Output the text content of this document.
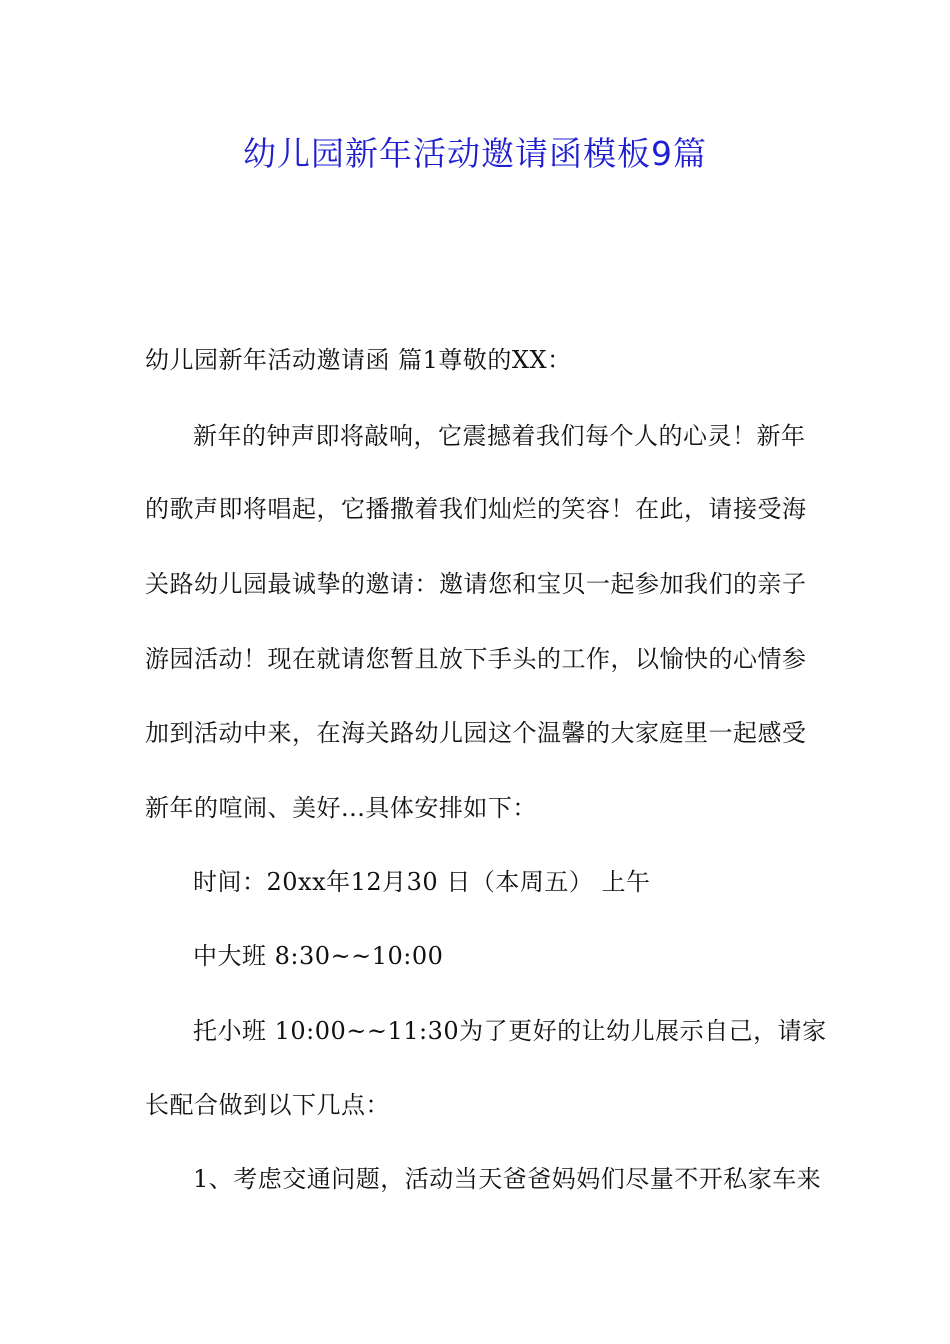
幼儿园新年活动邀请函模板9篇

幼儿园新年活动邀请函 篇1尊敬的XX：

新年的钟声即将敲响，它震撼着我们每个人的心灵！新年

的歌声即将唱起，它播撒着我们灿烂的笑容！在此，请接受海

关路幼儿园最诚挚的邀请：邀请您和宝贝一起参加我们的亲子

游园活动！现在就请您暂且放下手头的工作，以愉快的心情参

加到活动中来，在海关路幼儿园这个温馨的大家庭里一起感受

新年的喧闹、美好...具体安排如下：

时间：20xx年12月30 日（本周五） 上午

中大班 8:30~~10:00

托小班 10:00~~11:30为了更好的让幼儿展示自己，请家

长配合做到以下几点：

1、考虑交通问题，活动当天爸爸妈妈们尽量不开私家车来
